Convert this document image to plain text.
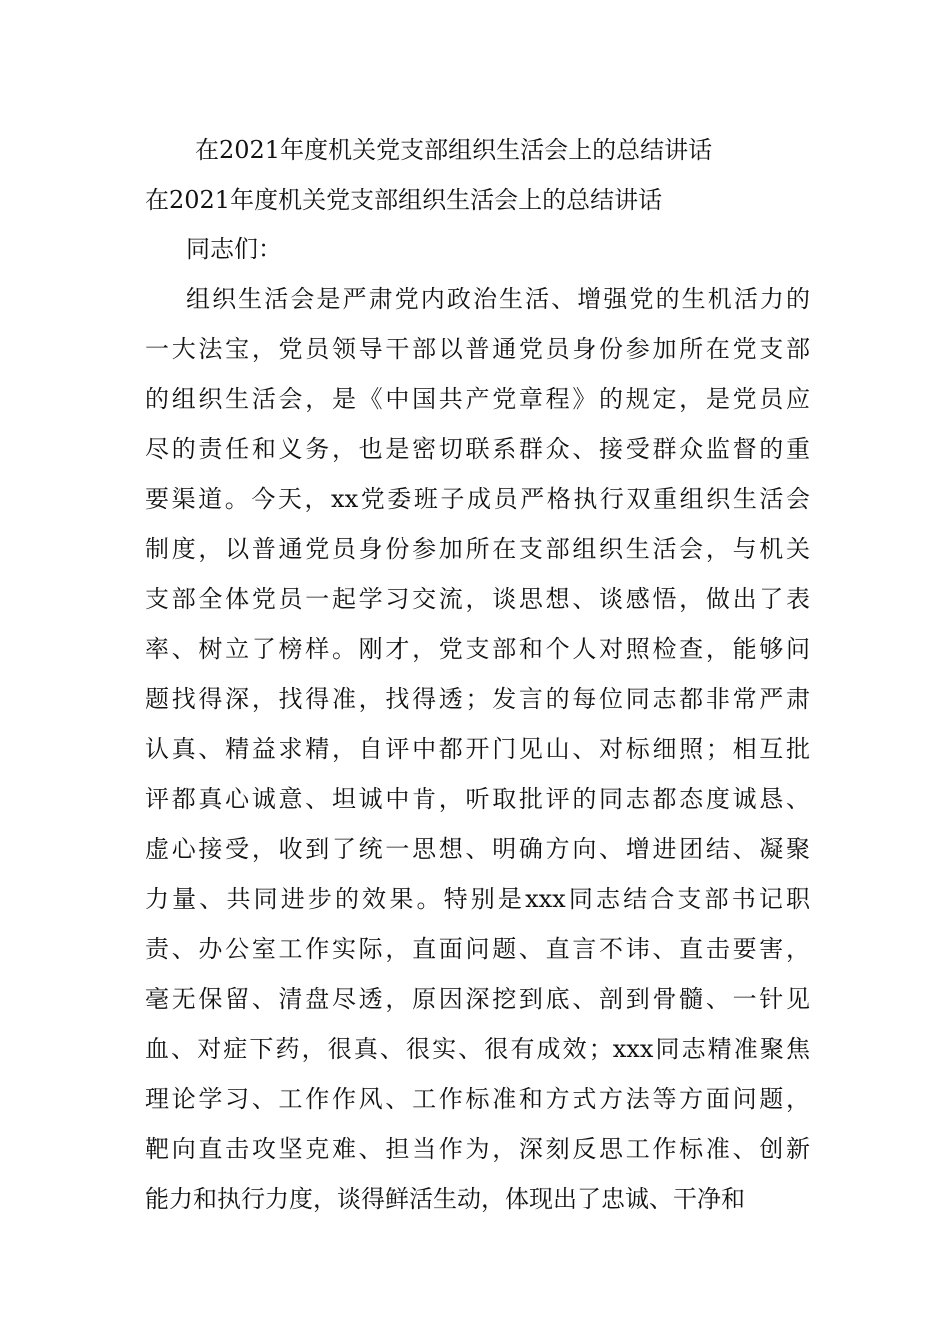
在2021年度机关党支部组织生活会上的总结讲话
在2021年度机关党支部组织生活会上的总结讲话
同志们：
组织生活会是严肃党内政治生活、增强党的生机活力的
一大法宝，党员领导干部以普通党员身份参加所在党支部
的组织生活会，是《中国共产党章程》的规定，是党员应
尽的责任和义务，也是密切联系群众、接受群众监督的重
要渠道。今天，xx党委班子成员严格执行双重组织生活会
制度，以普通党员身份参加所在支部组织生活会，与机关
支部全体党员一起学习交流，谈思想、谈感悟，做出了表
率、树立了榜样。刚才，党支部和个人对照检查，能够问
题找得深，找得准，找得透；发言的每位同志都非常严肃
认真、精益求精，自评中都开门见山、对标细照；相互批
评都真心诚意、坦诚中肯，听取批评的同志都态度诚恳、
虚心接受，收到了统一思想、明确方向、增进团结、凝聚
力量、共同进步的效果。特别是xxx同志结合支部书记职
责、办公室工作实际，直面问题、直言不讳、直击要害，
毫无保留、清盘尽透，原因深挖到底、剖到骨髓、一针见
血、对症下药，很真、很实、很有成效；xxx同志精准聚焦
理论学习、工作作风、工作标准和方式方法等方面问题，
靶向直击攻坚克难、担当作为，深刻反思工作标准、创新
能力和执行力度，谈得鲜活生动，体现出了忠诚、干净和
